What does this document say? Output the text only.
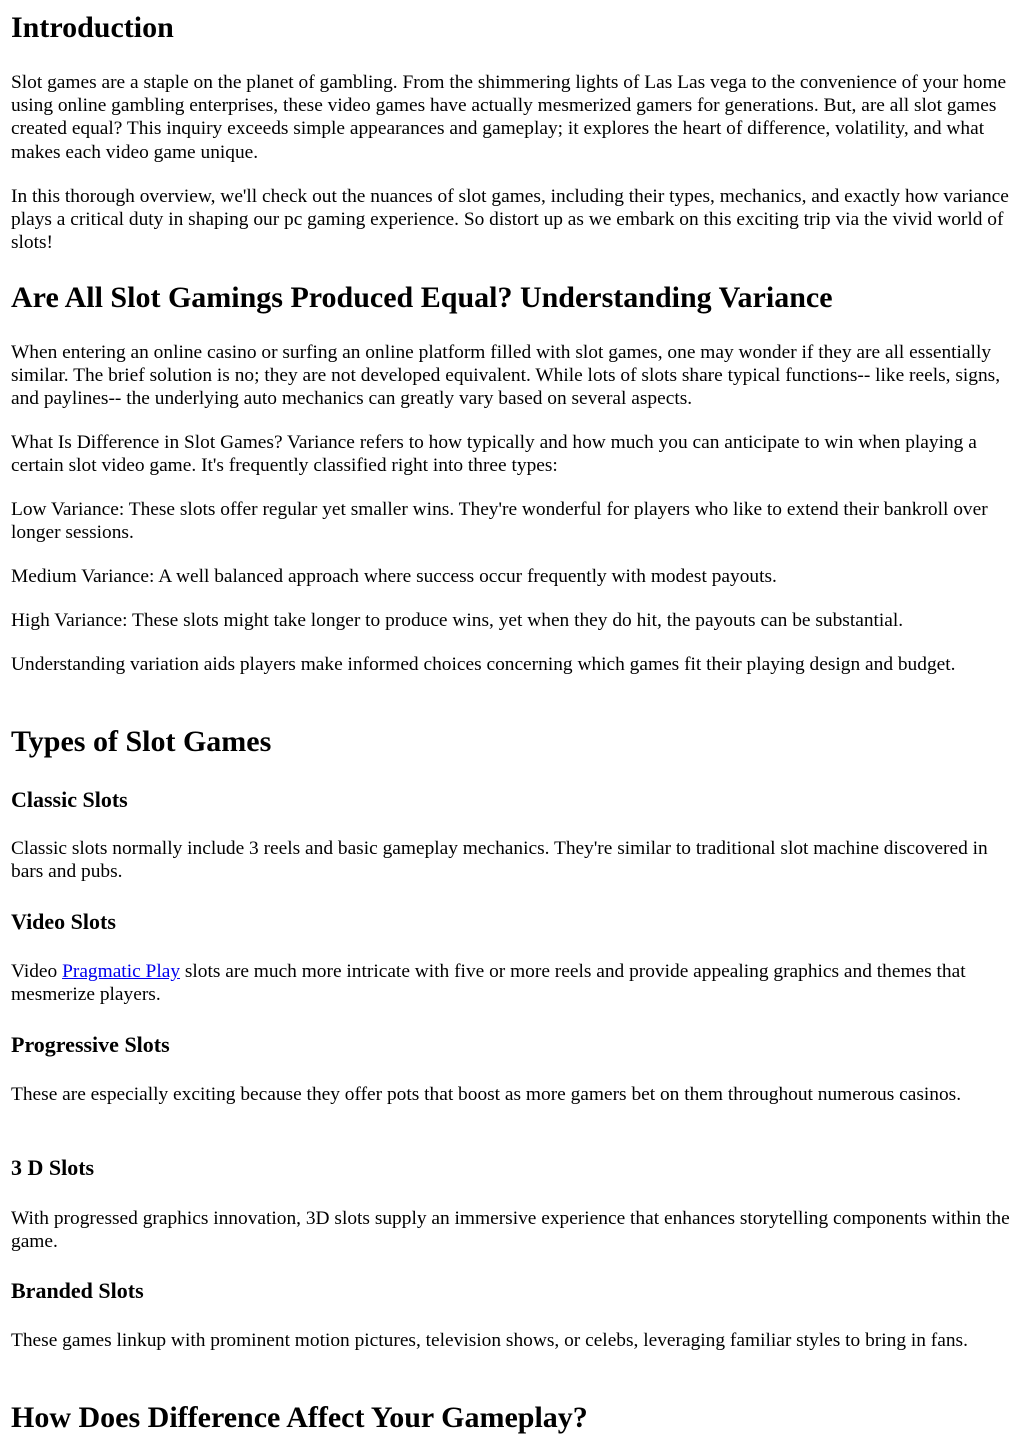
Introduction

Slot games are a staple on the planet of gambling. From the shimmering lights of Las Las vega to the convenience of your home using online gambling enterprises, these video games have actually mesmerized gamers for generations. But, are all slot games created equal? This inquiry exceeds simple appearances and gameplay; it explores the heart of difference, volatility, and what makes each video game unique.

In this thorough overview, we'll check out the nuances of slot games, including their types, mechanics, and exactly how variance plays a critical duty in shaping our pc gaming experience. So distort up as we embark on this exciting trip via the vivid world of slots!

Are All Slot Gamings Produced Equal? Understanding Variance

When entering an online casino or surfing an online platform filled with slot games, one may wonder if they are all essentially similar. The brief solution is no; they are not developed equivalent. While lots of slots share typical functions-- like reels, signs, and paylines-- the underlying auto mechanics can greatly vary based on several aspects.

What Is Difference in Slot Games? Variance refers to how typically and how much you can anticipate to win when playing a certain slot video game. It's frequently classified right into three types:

Low Variance: These slots offer regular yet smaller wins. They're wonderful for players who like to extend their bankroll over longer sessions.

Medium Variance: A well balanced approach where success occur frequently with modest payouts.

High Variance: These slots might take longer to produce wins, yet when they do hit, the payouts can be substantial.

Understanding variation aids players make informed choices concerning which games fit their playing design and budget.

Types of Slot Games
Classic Slots

Classic slots normally include 3 reels and basic gameplay mechanics. They're similar to traditional slot machine discovered in bars and pubs.

Video Slots

Video Pragmatic Play slots are much more intricate with five or more reels and provide appealing graphics and themes that mesmerize players.

Progressive Slots

These are especially exciting because they offer pots that boost as more gamers bet on them throughout numerous casinos.

3 D Slots

With progressed graphics innovation, 3D slots supply an immersive experience that enhances storytelling components within the game.

Branded Slots

These games linkup with prominent motion pictures, television shows, or celebs, leveraging familiar styles to bring in fans.

How Does Difference Affect Your Gameplay?
